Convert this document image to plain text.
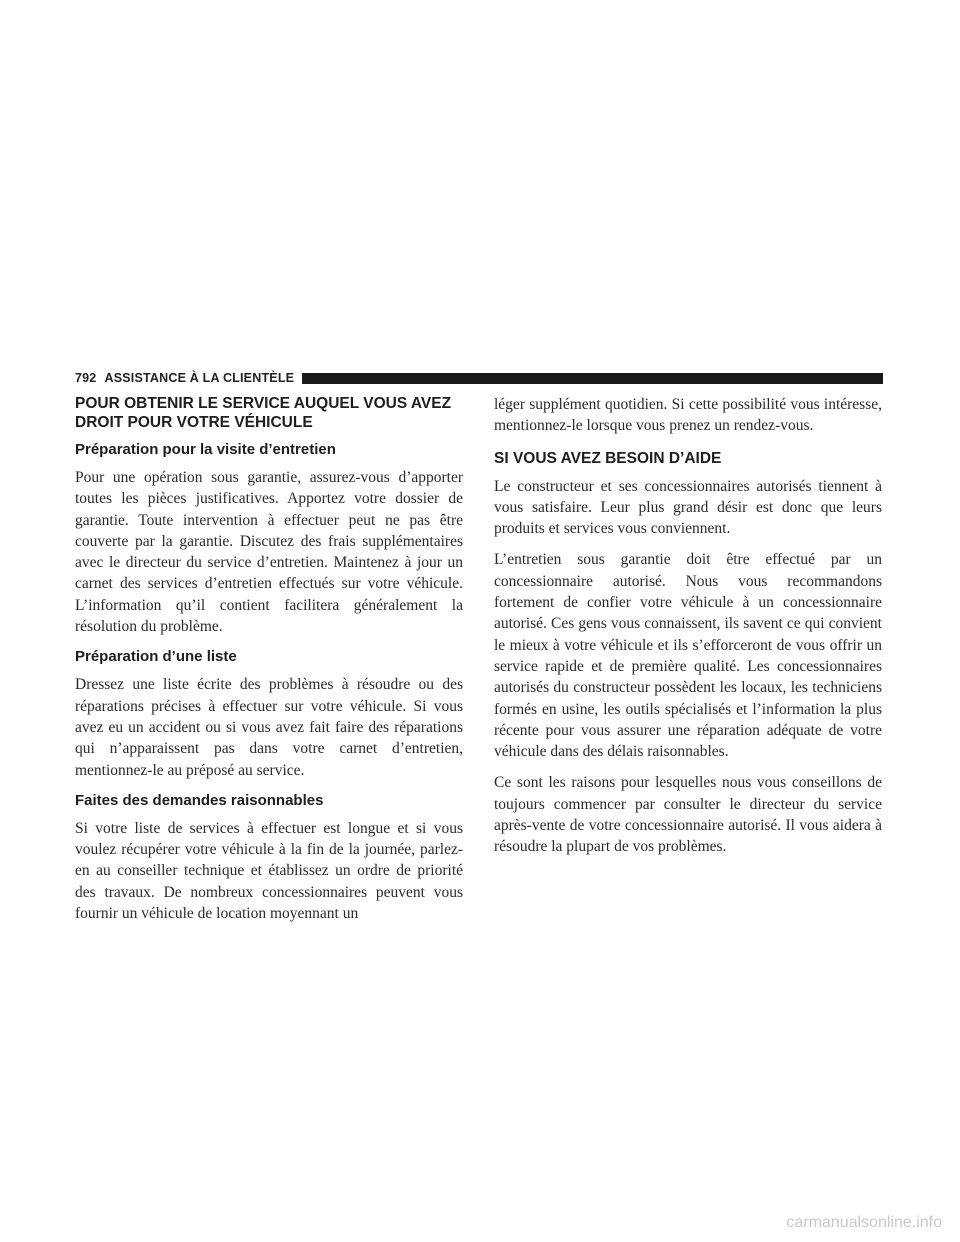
792 ASSISTANCE À LA CLIENTÈLE
POUR OBTENIR LE SERVICE AUQUEL VOUS AVEZ DROIT POUR VOTRE VÉHICULE
Préparation pour la visite d’entretien

Pour une opération sous garantie, assurez-vous d’apporter toutes les pièces justificatives. Apportez votre dossier de garantie. Toute intervention à effectuer peut ne pas être couverte par la garantie. Discutez des frais supplémentaires avec le directeur du service d’entretien. Maintenez à jour un carnet des services d’entretien effectués sur votre véhicule. L’information qu’il contient facilitera généralement la résolution du problème.

Préparation d’une liste

Dressez une liste écrite des problèmes à résoudre ou des réparations précises à effectuer sur votre véhicule. Si vous avez eu un accident ou si vous avez fait faire des réparations qui n’apparaissent pas dans votre carnet d’entretien, mentionnez-le au préposé au service.

Faites des demandes raisonnables

Si votre liste de services à effectuer est longue et si vous voulez récupérer votre véhicule à la fin de la journée, parlez-en au conseiller technique et établissez un ordre de priorité des travaux. De nombreux concessionnaires peuvent vous fournir un véhicule de location moyennant un

léger supplément quotidien. Si cette possibilité vous intéresse, mentionnez-le lorsque vous prenez un rendez-vous.

SI VOUS AVEZ BESOIN D’AIDE

Le constructeur et ses concessionnaires autorisés tiennent à vous satisfaire. Leur plus grand désir est donc que leurs produits et services vous conviennent.

L’entretien sous garantie doit être effectué par un concessionnaire autorisé. Nous vous recommandons fortement de confier votre véhicule à un concessionnaire autorisé. Ces gens vous connaissent, ils savent ce qui convient le mieux à votre véhicule et ils s’efforceront de vous offrir un service rapide et de première qualité. Les concessionnaires autorisés du constructeur possèdent les locaux, les techniciens formés en usine, les outils spécialisés et l’information la plus récente pour vous assurer une réparation adéquate de votre véhicule dans des délais raisonnables.

Ce sont les raisons pour lesquelles nous vous conseillons de toujours commencer par consulter le directeur du service après-vente de votre concessionnaire autorisé. Il vous aidera à résoudre la plupart de vos problèmes.

carmanualsonline.info
